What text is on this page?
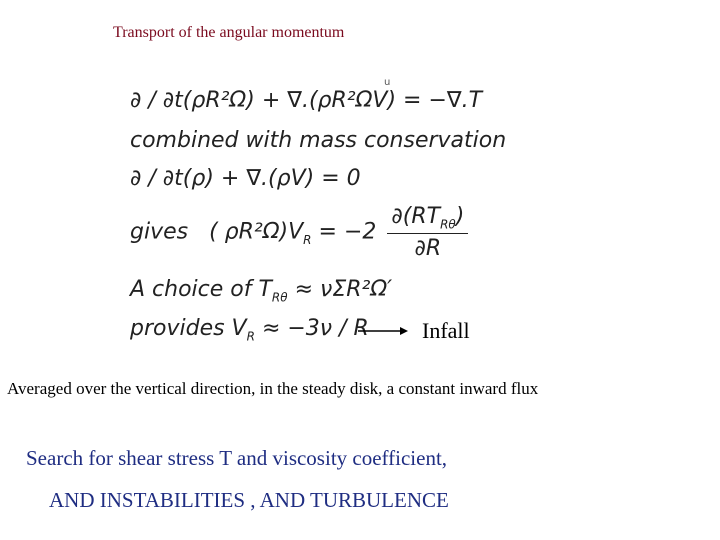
Transport of the angular momentum
u
∂ / ∂t(ρR²Ω) + ∇.(ρR²ΩV) = −∇.T
combined with mass conservation
∂ / ∂t(ρ) + ∇.(ρV) = 0
gives ( $\rho R^2\Omega)V_R = -2 \frac{\partial(RT_{R\theta})}{\partial R}$
A choice of $T_{R\theta} \approx \nu\Sigma R^2\Omega'$
provides $V_R \approx -3\nu / R$ Infall
Averaged over the vertical direction, in the steady disk, a constant inward flux
Search for shear stress T and viscosity coefficient,
AND INSTABILITIES , AND TURBULENCE
